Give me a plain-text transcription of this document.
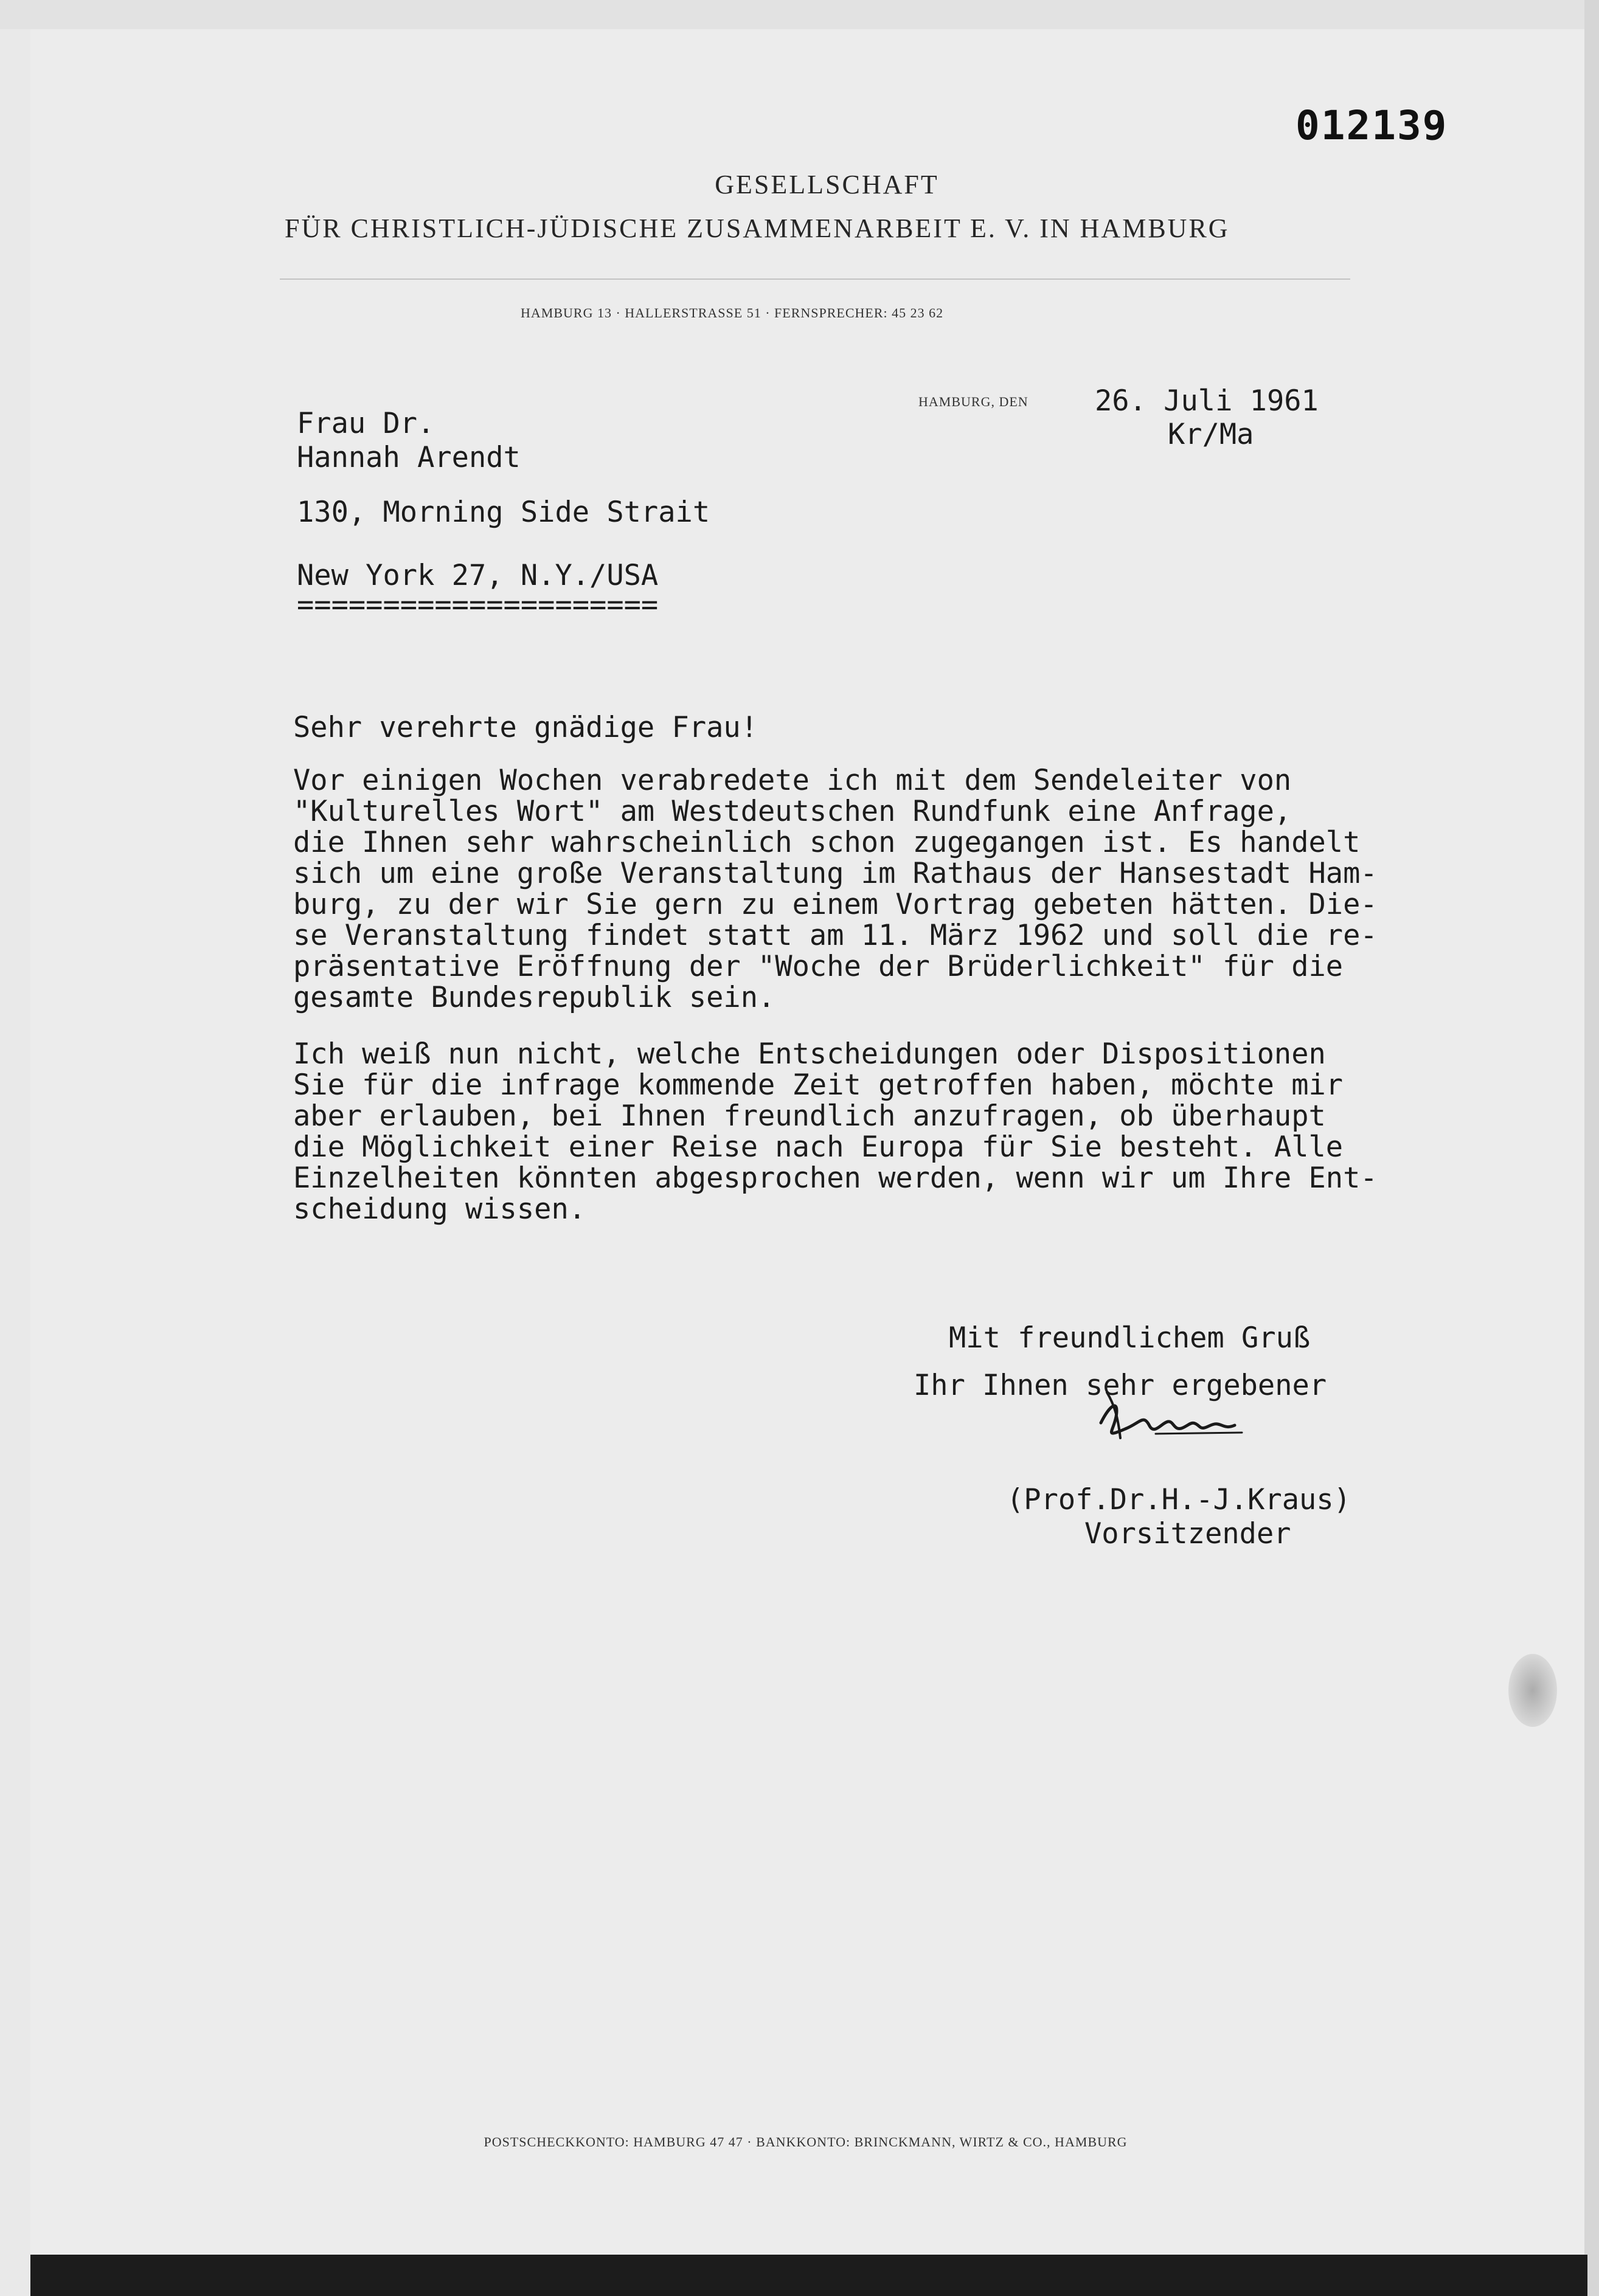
012139
GESELLSCHAFT
FÜR CHRISTLICH-JÜDISCHE ZUSAMMENARBEIT E. V. IN HAMBURG
HAMBURG 13 · HALLERSTRASSE 51 · FERNSPRECHER: 45 23 62
HAMBURG, DEN 26. Juli 1961
Kr/Ma
Frau Dr.
Hannah Arendt
130, Morning Side Strait
New York 27, N.Y./USA
=====================
Sehr verehrte gnädige Frau!
Vor einigen Wochen verabredete ich mit dem Sendeleiter von
"Kulturelles Wort" am Westdeutschen Rundfunk eine Anfrage,
die Ihnen sehr wahrscheinlich schon zugegangen ist. Es handelt
sich um eine große Veranstaltung im Rathaus der Hansestadt Ham-
burg, zu der wir Sie gern zu einem Vortrag gebeten hätten. Die-
se Veranstaltung findet statt am 11. März 1962 und soll die re-
präsentative Eröffnung der "Woche der Brüderlichkeit" für die
gesamte Bundesrepublik sein.
Ich weiß nun nicht, welche Entscheidungen oder Dispositionen
Sie für die infrage kommende Zeit getroffen haben, möchte mir
aber erlauben, bei Ihnen freundlich anzufragen, ob überhaupt
die Möglichkeit einer Reise nach Europa für Sie besteht. Alle
Einzelheiten könnten abgesprochen werden, wenn wir um Ihre Ent-
scheidung wissen.
Mit freundlichem Gruß
Ihr Ihnen sehr ergebener
(Prof.Dr.H.-J.Kraus)
Vorsitzender
POSTSCHECKKONTO: HAMBURG 47 47 · BANKKONTO: BRINCKMANN, WIRTZ & CO., HAMBURG
